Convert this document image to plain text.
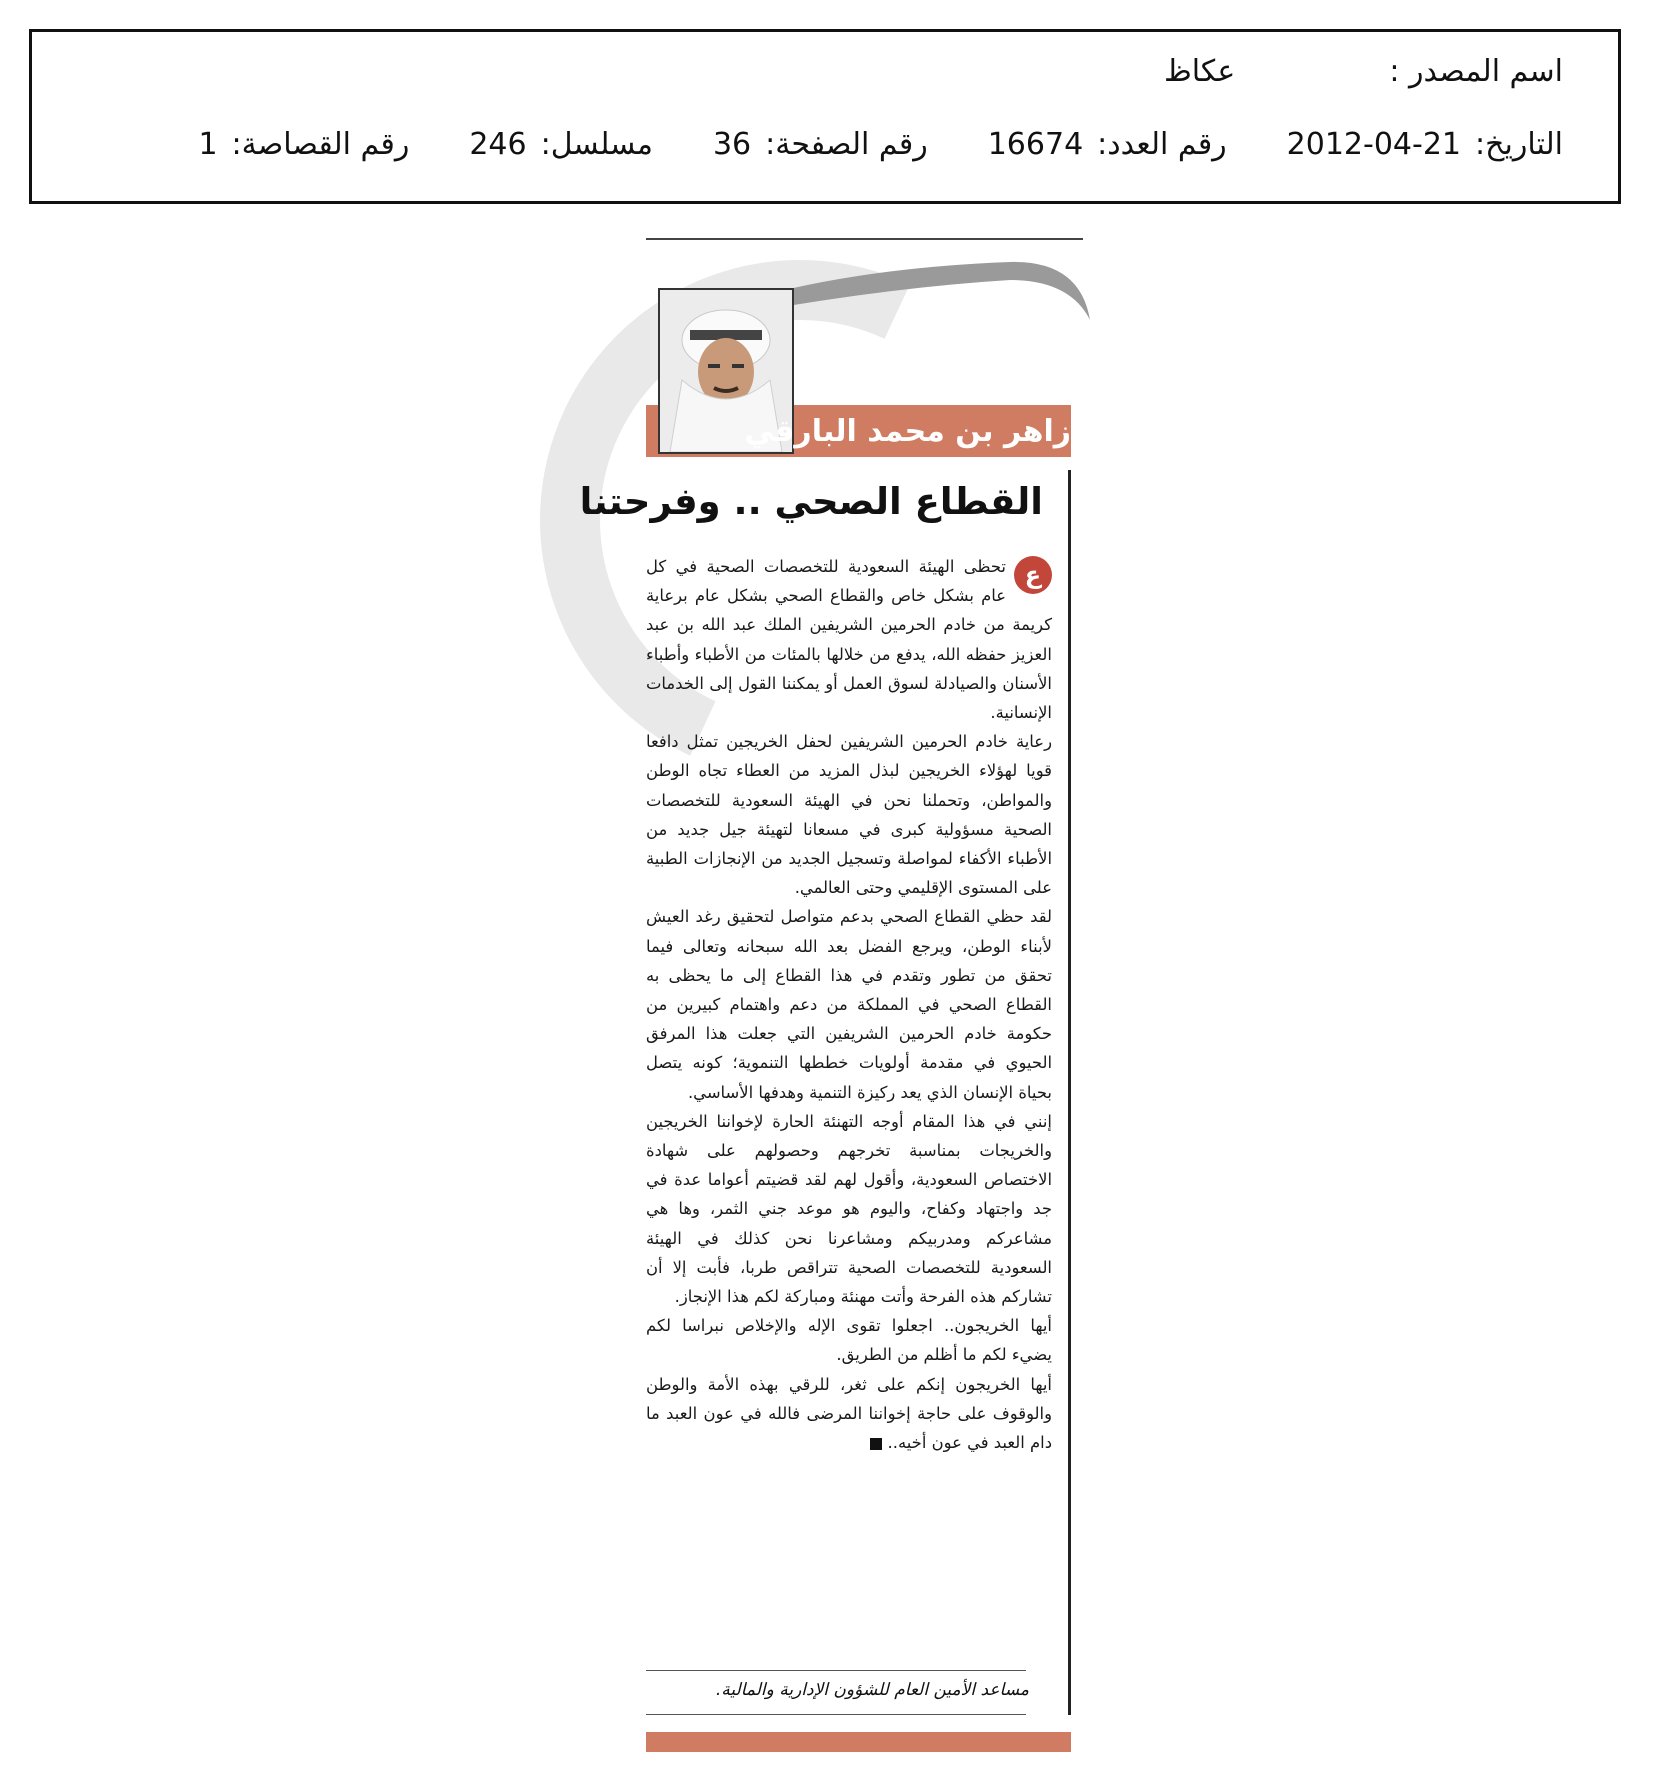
اسم المصدر :
عكاظ
التاريخ:
2012-04-21
رقم العدد:
16674
رقم الصفحة:
36
مسلسل:
246
رقم القصاصة:
1
زاهر بن محمد البارقي
القطاع الصحي .. وفرحتنا
ع

تحظى الهيئة السعودية للتخصصات الصحية في كل عام بشكل خاص والقطاع الصحي بشكل عام برعاية كريمة من خادم الحرمين الشريفين الملك عبد الله بن عبد العزيز حفظه الله، يدفع من خلالها بالمئات من الأطباء وأطباء الأسنان والصيادلة لسوق العمل أو يمكننا القول إلى الخدمات الإنسانية.

رعاية خادم الحرمين الشريفين لحفل الخريجين تمثل دافعا قويا لهؤلاء الخريجين لبذل المزيد من العطاء تجاه الوطن والمواطن، وتحملنا نحن في الهيئة السعودية للتخصصات الصحية مسؤولية كبرى في مسعانا لتهيئة جيل جديد من الأطباء الأكفاء لمواصلة وتسجيل الجديد من الإنجازات الطبية على المستوى الإقليمي وحتى العالمي.

لقد حظي القطاع الصحي بدعم متواصل لتحقيق رغد العيش لأبناء الوطن، ويرجع الفضل بعد الله سبحانه وتعالى فيما تحقق من تطور وتقدم في هذا القطاع إلى ما يحظى به القطاع الصحي في المملكة من دعم واهتمام كبيرين من حكومة خادم الحرمين الشريفين التي جعلت هذا المرفق الحيوي في مقدمة أولويات خططها التنموية؛ كونه يتصل بحياة الإنسان الذي يعد ركيزة التنمية وهدفها الأساسي.

إنني في هذا المقام أوجه التهنئة الحارة لإخواننا الخريجين والخريجات بمناسبة تخرجهم وحصولهم على شهادة الاختصاص السعودية، وأقول لهم لقد قضيتم أعواما عدة في جد واجتهاد وكفاح، واليوم هو موعد جني الثمر، وها هي مشاعركم ومدربيكم ومشاعرنا نحن كذلك في الهيئة السعودية للتخصصات الصحية تتراقص طربا، فأبت إلا أن تشاركم هذه الفرحة وأتت مهنئة ومباركة لكم هذا الإنجاز.

أيها الخريجون.. اجعلوا تقوى الإله والإخلاص نبراسا لكم يضيء لكم ما أظلم من الطريق.

أيها الخريجون إنكم على ثغر، للرقي بهذه الأمة والوطن والوقوف على حاجة إخواننا المرضى فالله في عون العبد ما دام العبد في عون أخيه..

مساعد الأمين العام للشؤون الإدارية والمالية.
